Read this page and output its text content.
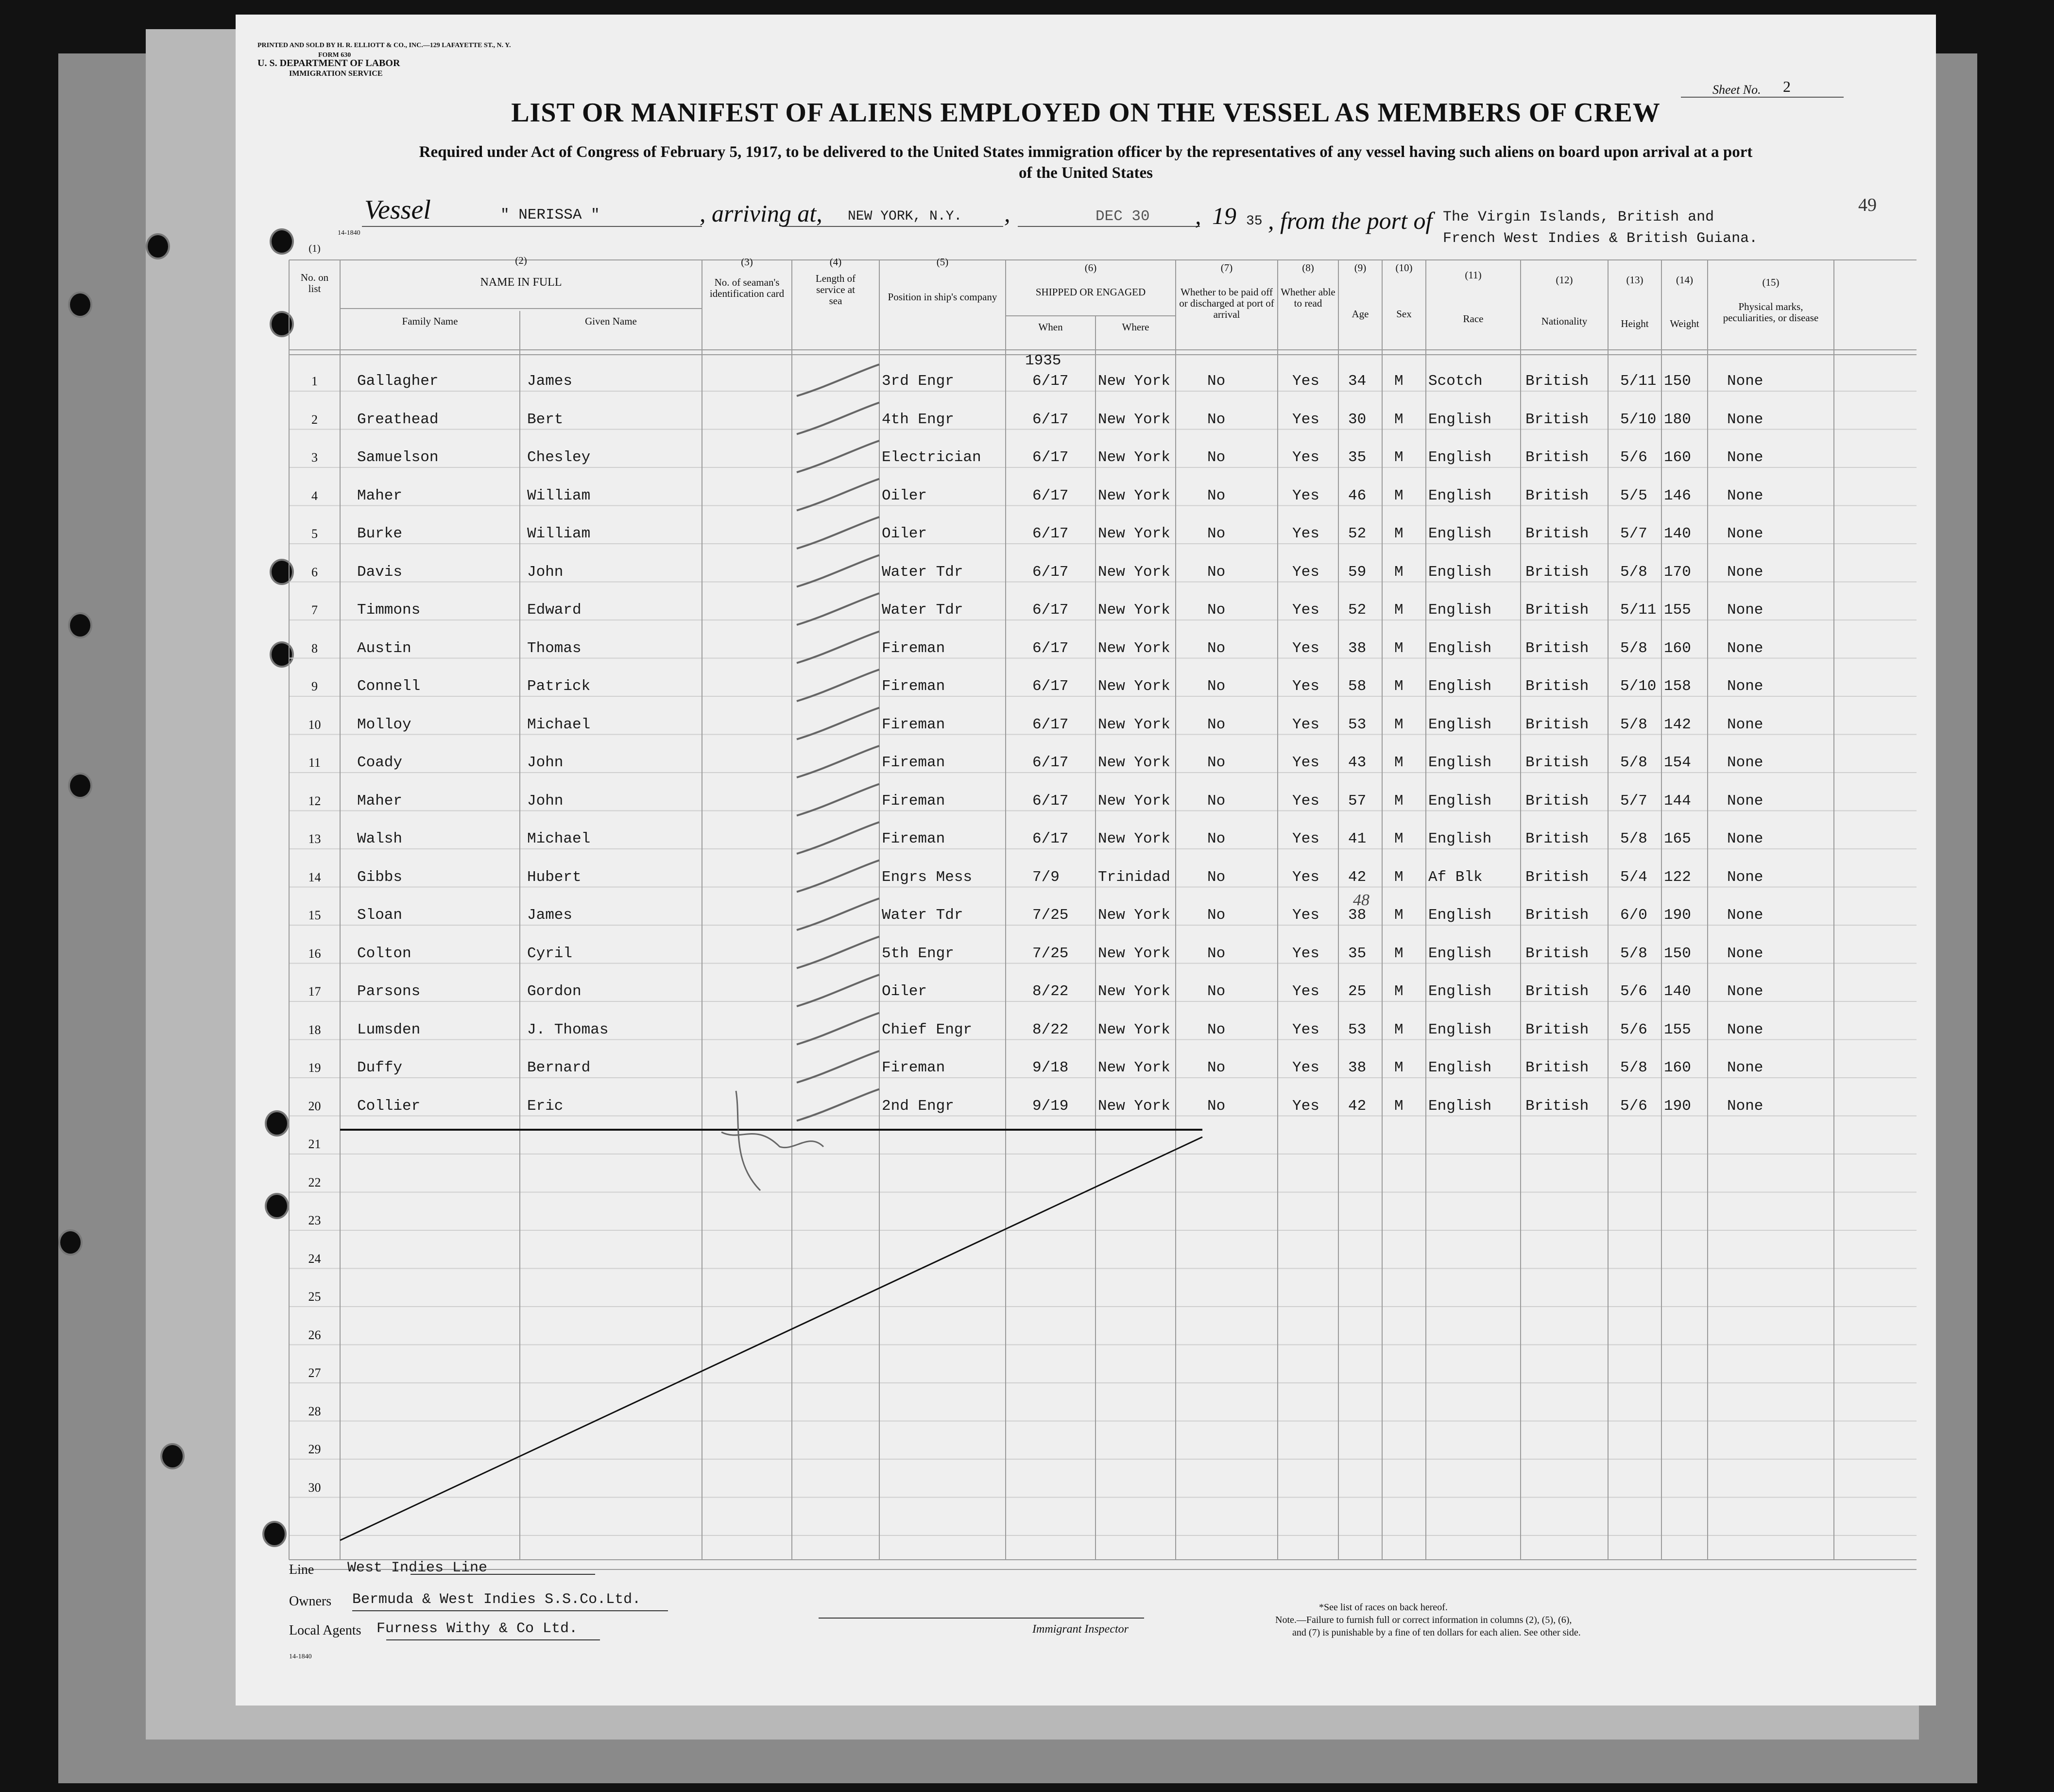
PRINTED AND SOLD BY H. R. ELLIOTT & CO., INC.—129 LAFAYETTE ST., N. Y.
FORM 630
U. S. DEPARTMENT OF LABOR
IMMIGRATION SERVICE
14-1840
Sheet No. 2
49
LIST OR MANIFEST OF ALIENS EMPLOYED ON THE VESSEL AS MEMBERS OF CREW
Required under Act of Congress of February 5, 1917, to be delivered to the United States immigration officer by the representatives of any vessel having such aliens on board upon arrival at a port
of the United States
Vessel	" NERISSA "	, arriving at, NEW YORK, N.Y. ,	DEC 30 , 19 35 , from the port of The Virgin Islands, British and
French West Indies & British Guiana.
(1)
No. on list
(2)
NAME IN FULL
Family Name	Given Name
(3)
No. of seaman's identification card
(4)
Length of service at sea
(5)
Position in ship's company
(6)
SHIPPED OR ENGAGED
When	Where
(7)
Whether to be paid off or discharged at port of arrival
(8)
Whether able to read
(9)
Age
(10)
Sex
(11)
Race
(12)
Nationality
(13)
Height
(14)
Weight
(15)
Physical marks, peculiarities, or disease
1935
1	Gallagher	James	3rd Engr	6/17 New York No	Yes 34 M Scotch	British 5/11 150 None
2	Greathead	Bert	4th Engr	6/17 New York No	Yes 30 M English British 5/10 180 None
3	Samuelson	Chesley	Electrician	6/17 New York No	Yes 35 M English British 5/6 160 None
4	Maher	William	Oiler	6/17 New York No	Yes 46 M English British 5/5 146 None
5	Burke	William	Oiler	6/17 New York No	Yes 52 M English British 5/7 140 None
6	Davis	John	Water Tdr	6/17 New York No	Yes 59 M English British 5/8 170 None
7	Timmons	Edward	Water Tdr	6/17 New York No	Yes 52 M English British 5/11 155 None
8	Austin	Thomas	Fireman	6/17 New York No	Yes 38 M English British 5/8 160 None
9	Connell	Patrick	Fireman	6/17 New York No	Yes 58 M English British 5/10 158 None
10	Molloy	Michael	Fireman	6/17 New York No	Yes 53 M English British 5/8 142 None
11	Coady	John	Fireman	6/17 New York No	Yes 43 M English British 5/8 154 None
12	Maher	John	Fireman	6/17 New York No	Yes 57 M English British 5/7 144 None
13	Walsh	Michael	Fireman	6/17 New York No	Yes 41 M English British 5/8 165 None
14	Gibbs	Hubert	Engrs Mess	7/9	Trinidad No	Yes 42 M Af Blk	British 5/4 122 None
15	Sloan	James	Water Tdr	7/25 New York No	Yes 38 M English British 6/0 190 None
48
16	Colton	Cyril	5th Engr	7/25 New York No	Yes 35 M English British 5/8 150 None
17	Parsons	Gordon	Oiler	8/22 New York No	Yes 25 M English British 5/6 140 None
18	Lumsden	J. Thomas	Chief Engr	8/22 New York No	Yes 53 M English British 5/6 155 None
19	Duffy	Bernard	Fireman	9/18 New York No	Yes 38 M English British 5/8 160 None
20	Collier	Eric	2nd Engr	9/19 New York No	Yes 42 M English British 5/6 190 None
21
22
23
24
25
26
27
28
29
30
Line West Indies Line
Owners Bermuda & West Indies S.S.Co.Ltd.
Local Agents Furness Withy & Co Ltd.
14-1840
Immigrant Inspector
*See list of races on back hereof.
Note.—Failure to furnish full or correct information in columns (2), (5), (6),
and (7) is punishable by a fine of ten dollars for each alien. See other side.
